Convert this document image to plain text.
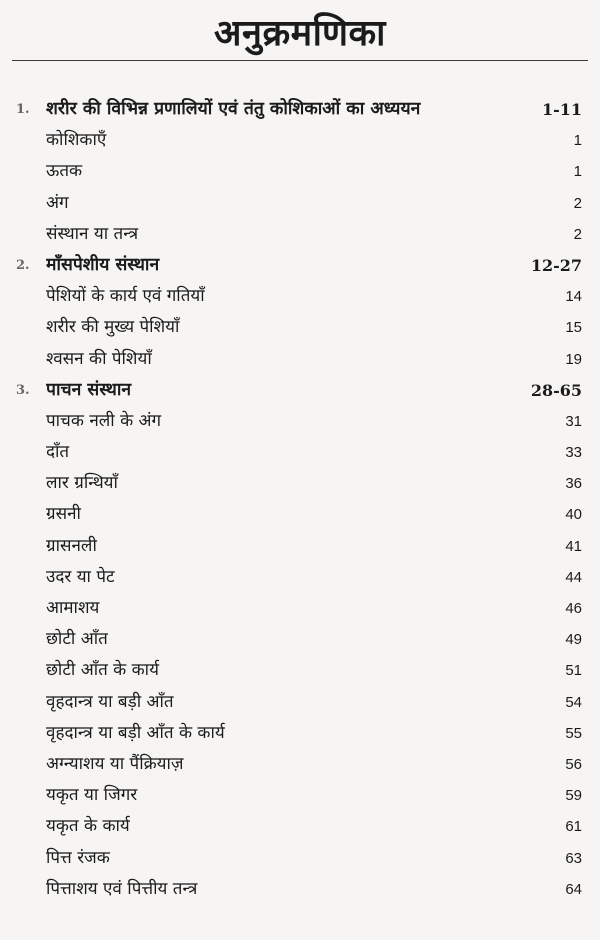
अनुक्रमणिका
1. शरीर की विभिन्न प्रणालियों एवं तंतु कोशिकाओं का अध्ययन	1-11
कोशिकाएँ	1
ऊतक	1
अंग	2
संस्थान या तन्त्र	2
2. माँसपेशीय संस्थान	12-27
पेशियों के कार्य एवं गतियाँ	14
शरीर की मुख्य पेशियाँ	15
श्वसन की पेशियाँ	19
3. पाचन संस्थान	28-65
पाचक नली के अंग	31
दाँत	33
लार ग्रन्थियाँ	36
ग्रसनी	40
ग्रासनली	41
उदर या पेट	44
आमाशय	46
छोटी आँत	49
छोटी आँत के कार्य	51
वृहदान्त्र या बड़ी आँत	54
वृहदान्त्र या बड़ी आँत के कार्य	55
अग्न्याशय या पैंक्रियाज़	56
यकृत या जिगर	59
यकृत के कार्य	61
पित्त रंजक	63
पित्ताशय एवं पित्तीय तन्त्र	64
